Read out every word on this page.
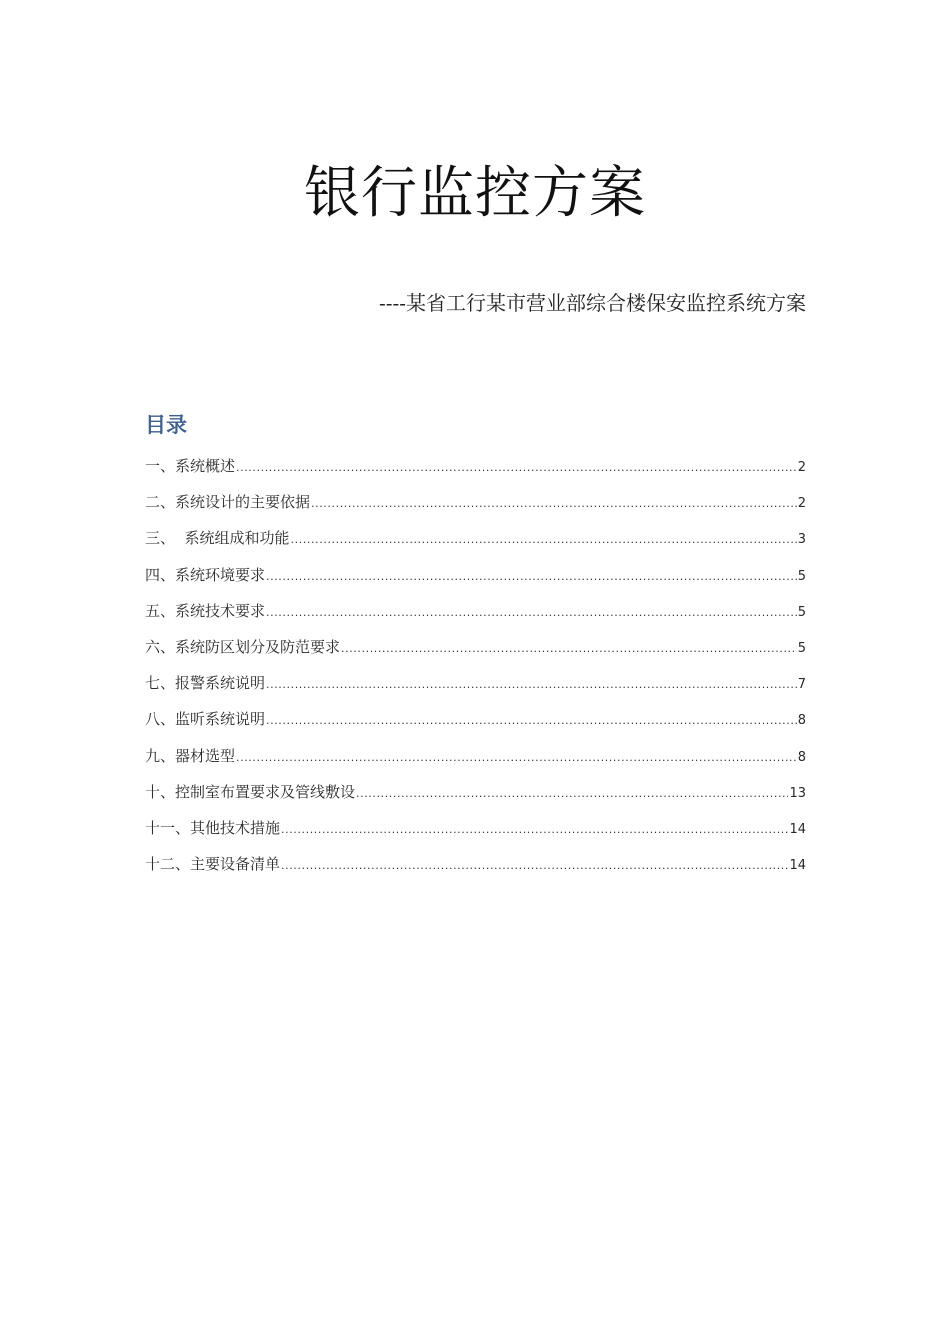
银行监控方案
----某省工行某市营业部综合楼保安监控系统方案
目录
一、系统概述 .....	2
二、系统设计的主要依据 .....	2
三、  系统组成和功能 .....	3
四、系统环境要求 .....	5
五、系统技术要求 .....	5
六、系统防区划分及防范要求 .....	5
七、报警系统说明 .....	7
八、监听系统说明 .....	8
九、器材选型 .....	8
十、控制室布置要求及管线敷设 .....	13
十一、其他技术措施 .....	14
十二、主要设备清单 .....	14
